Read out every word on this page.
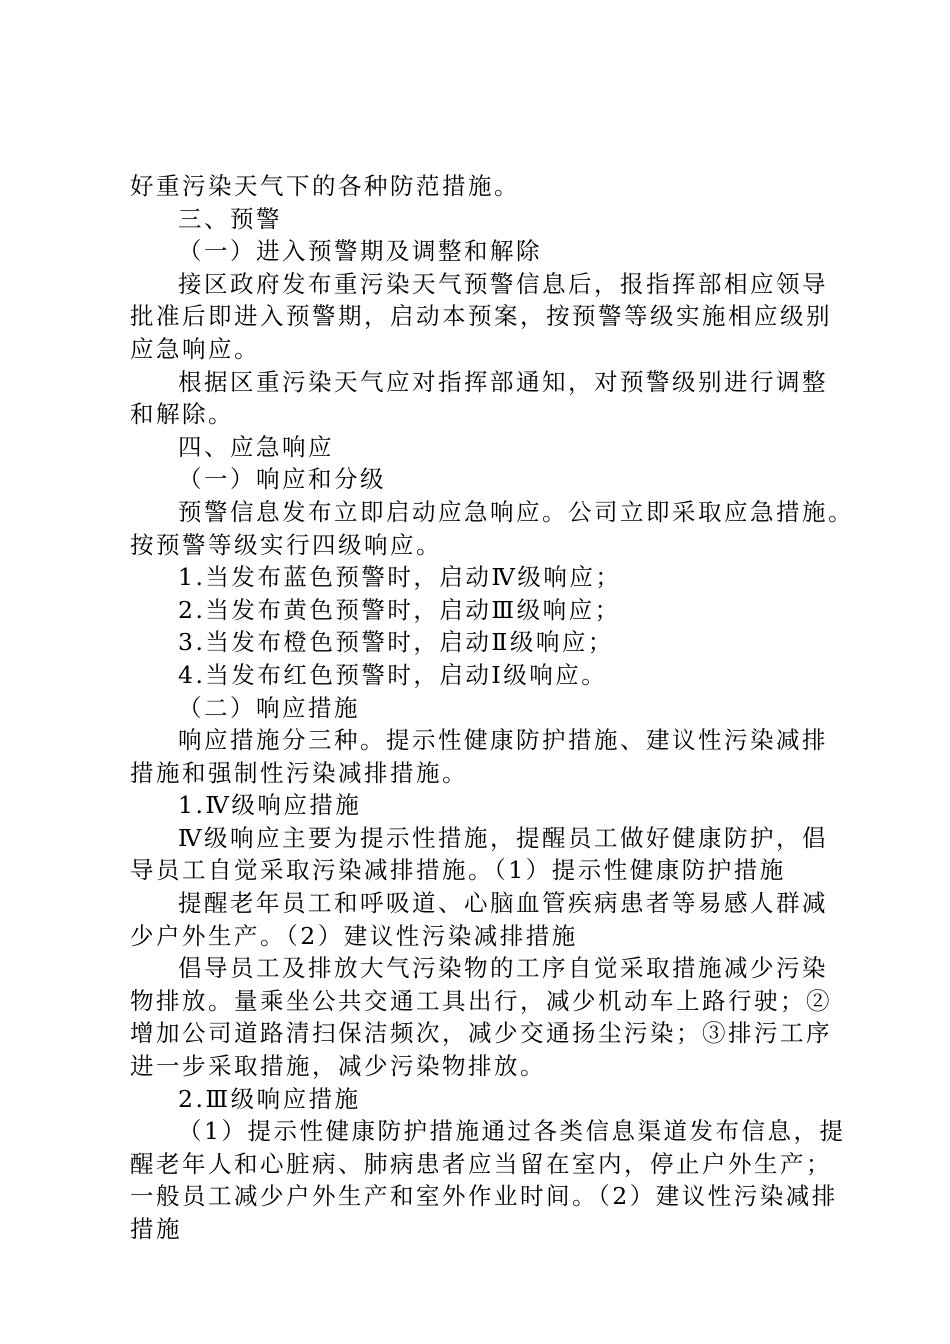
好重污染天气下的各种防范措施。

三、预警

（一）进入预警期及调整和解除

接区政府发布重污染天气预警信息后，报指挥部相应领导

批准后即进入预警期，启动本预案，按预警等级实施相应级别

应急响应。

根据区重污染天气应对指挥部通知，对预警级别进行调整

和解除。

四、应急响应

（一）响应和分级

预警信息发布立即启动应急响应。公司立即采取应急措施。

按预警等级实行四级响应。

1.当发布蓝色预警时，启动Ⅳ级响应；

2.当发布黄色预警时，启动Ⅲ级响应；

3.当发布橙色预警时，启动Ⅱ级响应；

4.当发布红色预警时，启动Ⅰ级响应。

（二）响应措施

响应措施分三种。提示性健康防护措施、建议性污染减排

措施和强制性污染减排措施。

1.Ⅳ级响应措施

Ⅳ级响应主要为提示性措施，提醒员工做好健康防护，倡

导员工自觉采取污染减排措施。（1）提示性健康防护措施

提醒老年员工和呼吸道、心脑血管疾病患者等易感人群减

少户外生产。（2）建议性污染减排措施

倡导员工及排放大气污染物的工序自觉采取措施减少污染

物排放。量乘坐公共交通工具出行，减少机动车上路行驶；②

增加公司道路清扫保洁频次，减少交通扬尘污染；③排污工序

进一步采取措施，减少污染物排放。

2.Ⅲ级响应措施

（1）提示性健康防护措施通过各类信息渠道发布信息，提

醒老年人和心脏病、肺病患者应当留在室内，停止户外生产；

一般员工减少户外生产和室外作业时间。（2）建议性污染减排

措施
